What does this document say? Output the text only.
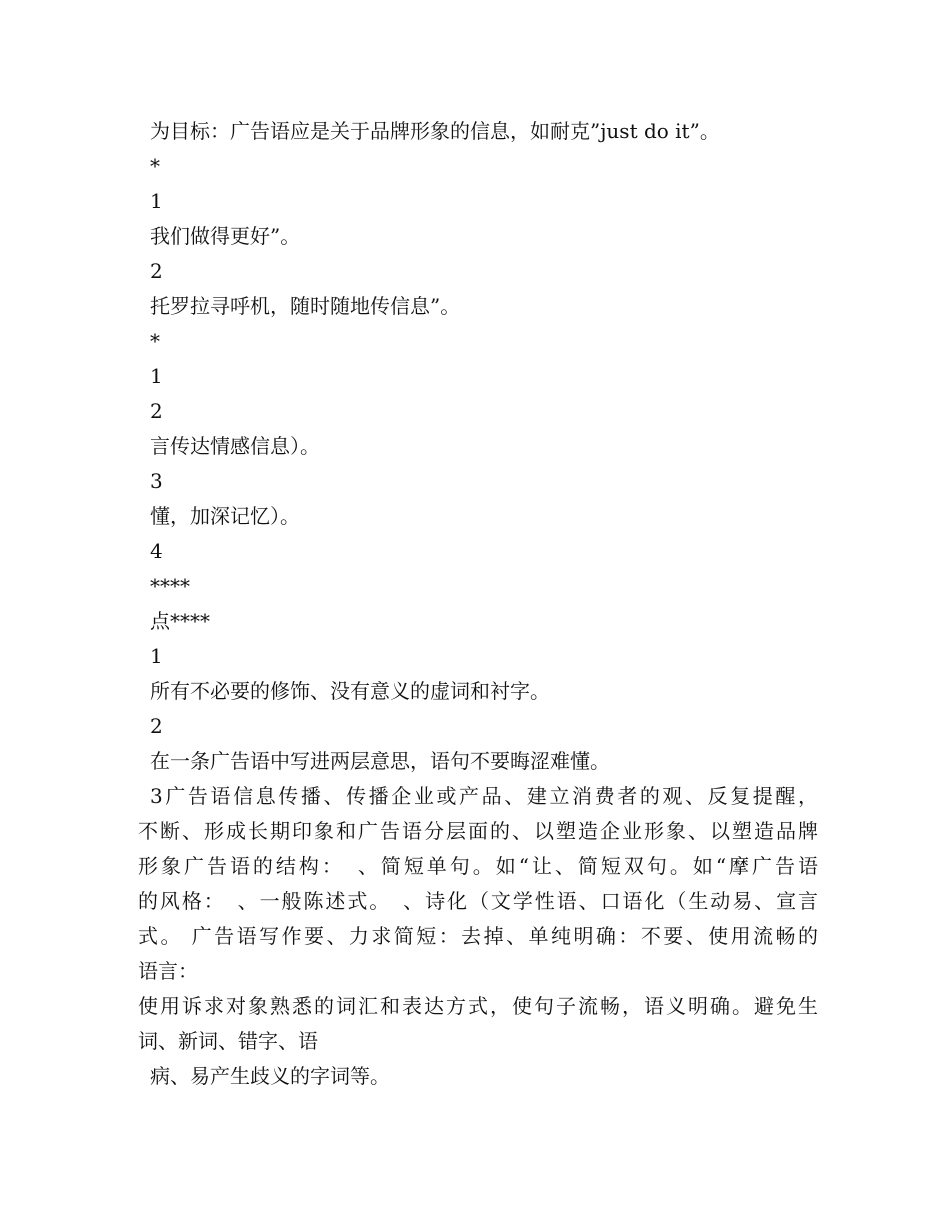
为目标：广告语应是关于品牌形象的信息，如耐克”just do it”。

*

1

我们做得更好”。

2

托罗拉寻呼机，随时随地传信息”。

*

1

2

言传达情感信息）。

3

懂，加深记忆）。

4

****

点****

1

所有不必要的修饰、没有意义的虚词和衬字。

2

在一条广告语中写进两层意思，语句不要晦涩难懂。

3广告语信息传播、传播企业或产品、建立消费者的观、反复提醒，

不断、形成长期印象和广告语分层面的、以塑造企业形象、以塑造品牌

形象广告语的结构：　、简短单句。如“让、简短双句。如“摩广告语

的风格：　、一般陈述式。　、诗化（文学性语、口语化（生动易、宣言

式。 广告语写作要、力求简短：去掉、单纯明确：不要、使用流畅的

语言：

使用诉求对象熟悉的词汇和表达方式，使句子流畅，语义明确。避免生

词、新词、错字、语

病、易产生歧义的字词等。
